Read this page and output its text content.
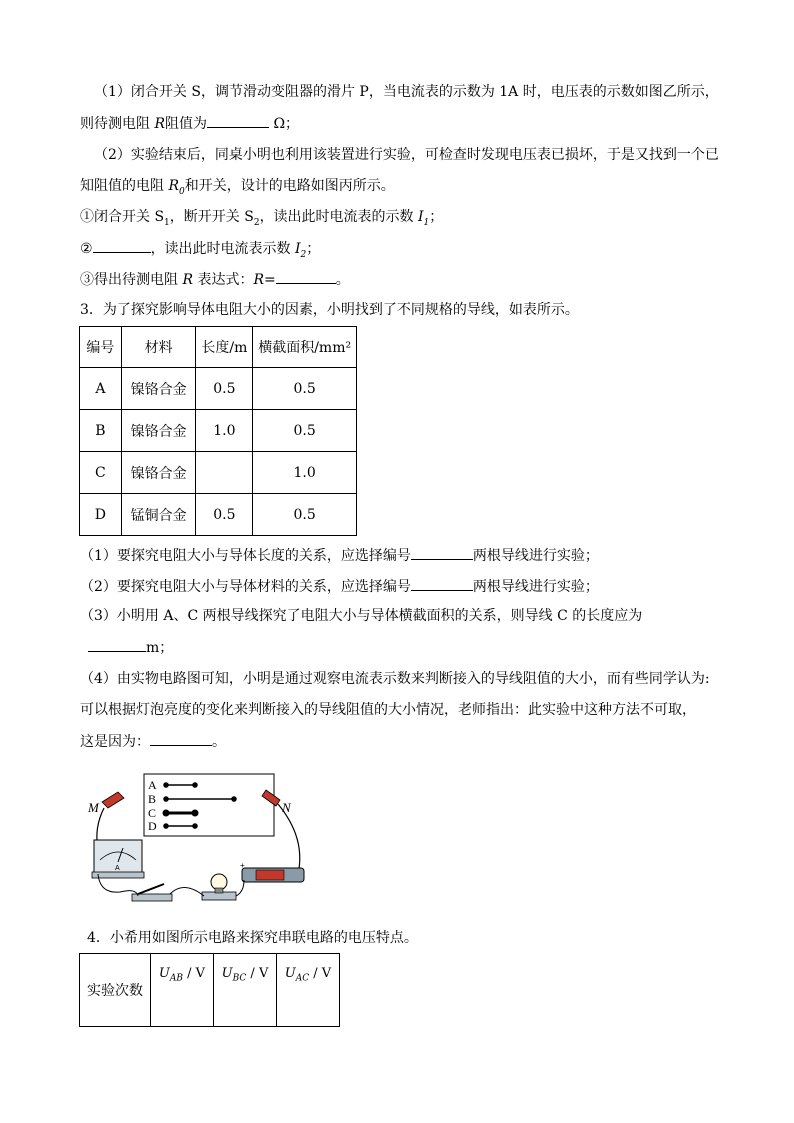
（1）闭合开关 S，调节滑动变阻器的滑片 P，当电流表的示数为 1A 时，电压表的示数如图乙所示，
则待测电阻 R阻值为	Ω；
（2）实验结束后，同桌小明也利用该装置进行实验，可检查时发现电压表已损坏，于是又找到一个已
知阻值的电阻 $R_0$和开关，设计的电路如图丙所示。
①闭合开关 $S_1$，断开开关 $S_2$，读出此时电流表的示数 $I_1$；
②	，读出此时电流表示数 $I_2$；
③得出待测电阻 R 表达式：R=	。
3．为了探究影响导体电阻大小的因素，小明找到了不同规格的导线，如表所示。
编号	材料	长度/m	横截面积/mm²
A	镍铬合金	0.5	0.5
B	镍铬合金	1.0	0.5
C	镍铬合金		1.0
D	锰铜合金	0.5	0.5
（1）要探究电阻大小与导体长度的关系，应选择编号	两根导线进行实验；
（2）要探究电阻大小与导体材料的关系，应选择编号	两根导线进行实验；
（3）小明用 A、C 两根导线探究了电阻大小与导体横截面积的关系，则导线 C 的长度应为
m；
（4）由实物电路图可知，小明是通过观察电流表示数来判断接入的导线阻值的大小，而有些同学认为:
可以根据灯泡亮度的变化来判断接入的导线阻值的大小情况，老师指出：此实验中这种方法不可取，
这是因为：	。
A
B
C
D
M	N
A	+
4．小希用如图所示电路来探究串联电路的电压特点。
实验次数	$U_{AB}$ / V	$U_{BC}$ / V	$U_{AC}$ / V
